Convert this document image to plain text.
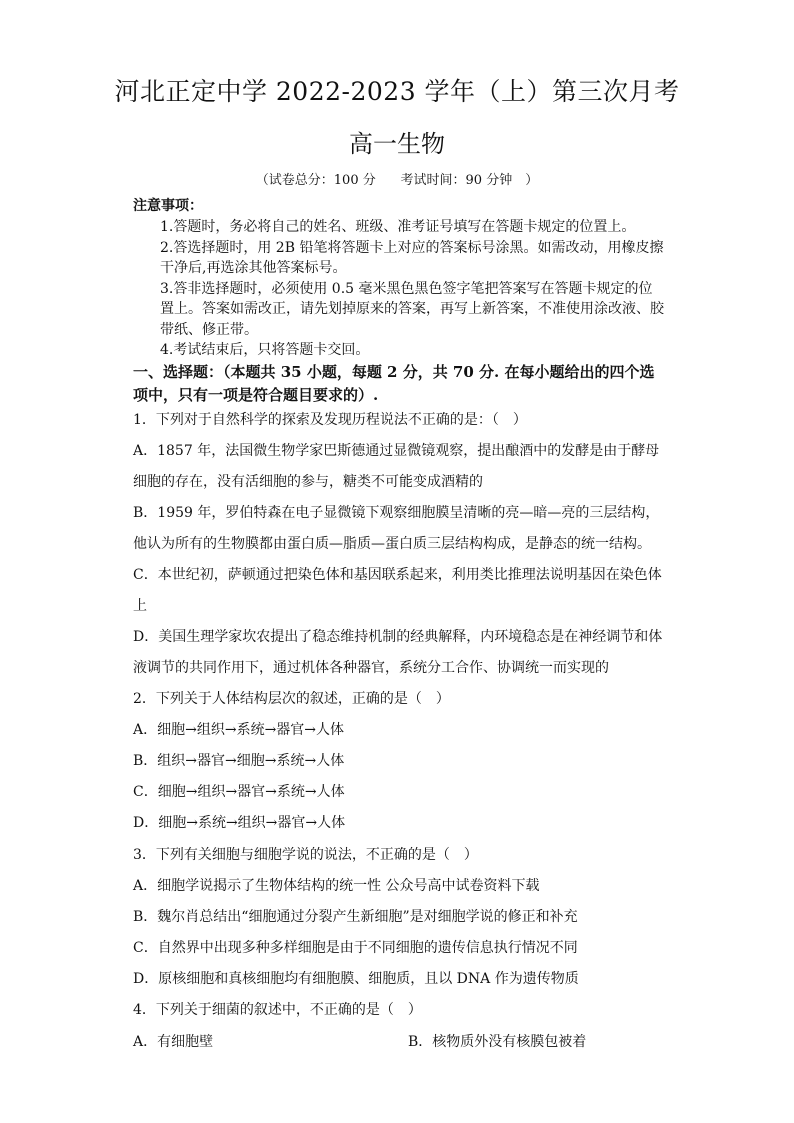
河北正定中学 2022-2023 学年（上）第三次月考
高一生物
（试卷总分：100 分 考试时间：90 分钟　）
注意事项：

1.答题时，务必将自己的姓名、班级、准考证号填写在答题卡规定的位置上。

2.答选择题时，用 2B 铅笔将答题卡上对应的答案标号涂黑。如需改动，用橡皮擦干净后,再选涂其他答案标号。

3.答非选择题时，必须使用 0.5 毫米黑色黑色签字笔把答案写在答题卡规定的位置上。答案如需改正，请先划掉原来的答案，再写上新答案，不准使用涂改液、胶带纸、修正带。

4.考试结束后，只将答题卡交回。

一、选择题：（本题共 35 小题，每题 2 分，共 70 分. 在每小题给出的四个选项中，只有一项是符合题目要求的）.

1．下列对于自然科学的探索及发现历程说法不正确的是：（　）

A．1857 年，法国微生物学家巴斯德通过显微镜观察，提出酿酒中的发酵是由于酵母细胞的存在，没有活细胞的参与，糖类不可能变成酒精的
B．1959 年，罗伯特森在电子显微镜下观察细胞膜呈清晰的亮—暗—亮的三层结构，他认为所有的生物膜都由蛋白质—脂质—蛋白质三层结构构成，是静态的统一结构。
C．本世纪初，萨顿通过把染色体和基因联系起来，利用类比推理法说明基因在染色体上
D．美国生理学家坎农提出了稳态维持机制的经典解释，内环境稳态是在神经调节和体液调节的共同作用下，通过机体各种器官，系统分工合作、协调统一而实现的

2．下列关于人体结构层次的叙述，正确的是（　）

A．细胞→组织→系统→器官→人体

B．组织→器官→细胞→系统→人体

C．细胞→组织→器官→系统→人体

D．细胞→系统→组织→器官→人体

3．下列有关细胞与细胞学说的说法，不正确的是（　）

A．细胞学说揭示了生物体结构的统一性 公众号高中试卷资料下载

B．魏尔肖总结出“细胞通过分裂产生新细胞”是对细胞学说的修正和补充

C．自然界中出现多种多样细胞是由于不同细胞的遗传信息执行情况不同

D．原核细胞和真核细胞均有细胞膜、细胞质，且以 DNA 作为遗传物质

4．下列关于细菌的叙述中，不正确的是（　）

A．有细胞壁	B．核物质外没有核膜包被着
